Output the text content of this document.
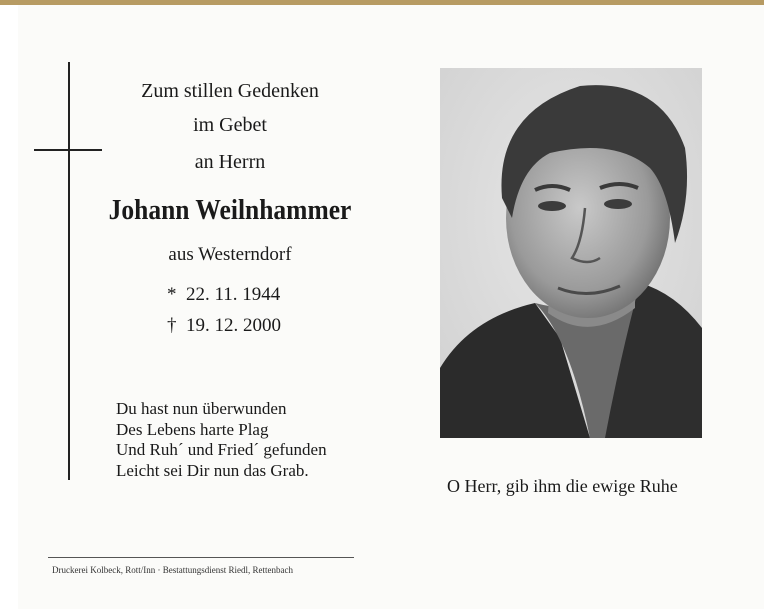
Zum stillen Gedenken
im Gebet
an Herrn
Johann Weilnhammer
aus Westerndorf
* 22. 11. 1944
† 19. 12. 2000
Du hast nun überwunden
Des Lebens harte Plag
Und Ruh´ und Fried´ gefunden
Leicht sei Dir nun das Grab.
O Herr, gib ihm die ewige Ruhe
Druckerei Kolbeck, Rott/Inn · Bestattungsdienst Riedl, Rettenbach
